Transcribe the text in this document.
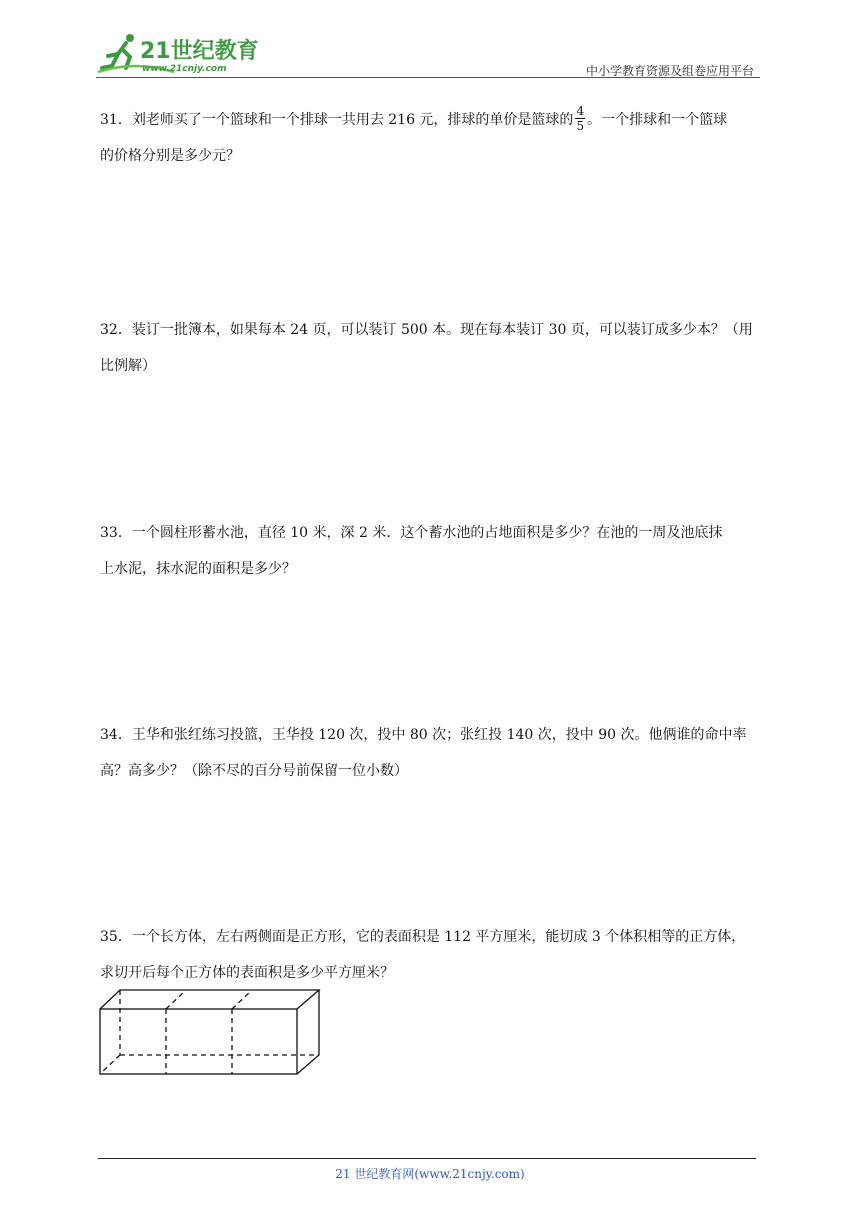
21世纪教育
www.21cnjy.com	中小学教育资源及组卷应用平台
31．刘老师买了一个篮球和一个排球一共用去 216 元，排球的单价是篮球的 $\frac{4}{5}$ 。一个排球和一个篮球
的价格分别是多少元？
32．装订一批簿本，如果每本 24 页，可以装订 500 本。现在每本装订 30 页，可以装订成多少本？（用
比例解）
33．一个圆柱形蓄水池，直径 10 米，深 2 米．这个蓄水池的占地面积是多少？在池的一周及池底抹
上水泥，抹水泥的面积是多少？
34．王华和张红练习投篮，王华投 120 次，投中 80 次；张红投 140 次，投中 90 次。他俩谁的命中率
高？高多少？（除不尽的百分号前保留一位小数）
35．一个长方体，左右两侧面是正方形，它的表面积是 112 平方厘米，能切成 3 个体积相等的正方体，
求切开后每个正方体的表面积是多少平方厘米？
21 世纪教育网(www.21cnjy.com)
